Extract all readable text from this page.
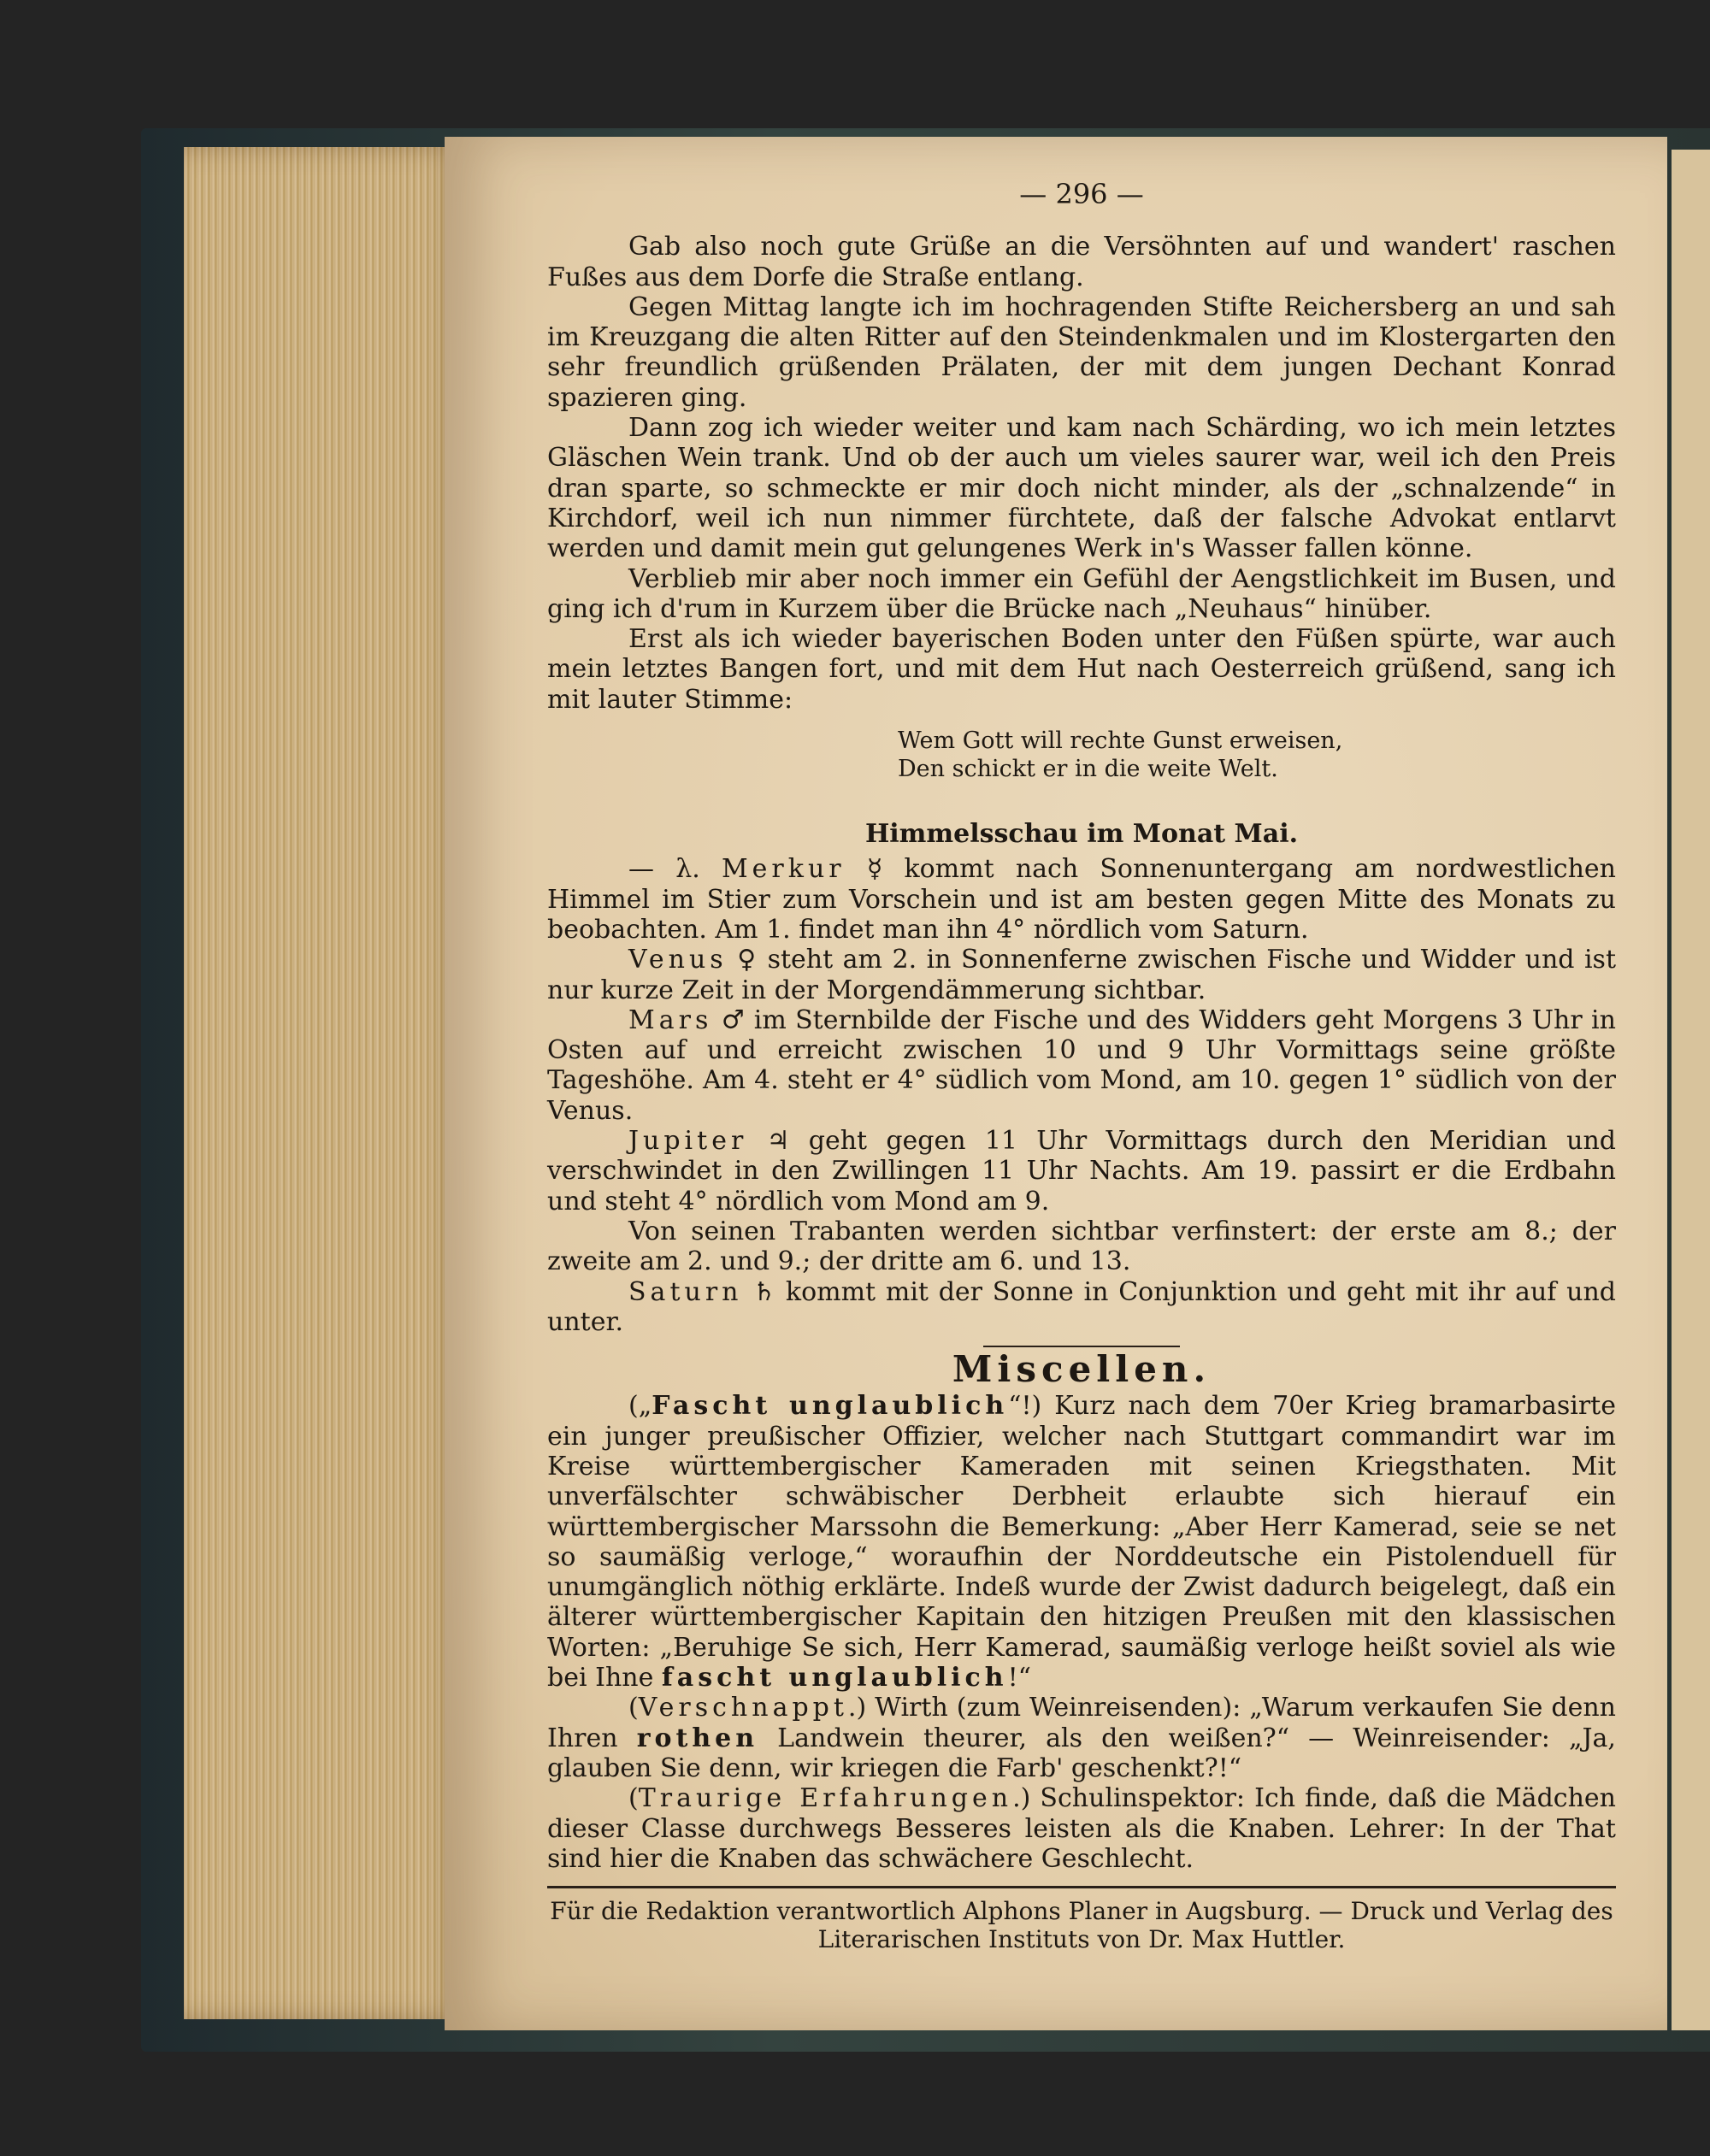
— 296 —

Gab also noch gute Grüße an die Versöhnten auf und wandert' raschen Fußes aus dem Dorfe die Straße entlang.

Gegen Mittag langte ich im hochragenden Stifte Reichersberg an und sah im Kreuzgang die alten Ritter auf den Steindenkmalen und im Klostergarten den sehr freundlich grüßenden Prälaten, der mit dem jungen Dechant Konrad spazieren ging.

Dann zog ich wieder weiter und kam nach Schärding, wo ich mein letztes Gläschen Wein trank. Und ob der auch um vieles saurer war, weil ich den Preis dran sparte, so schmeckte er mir doch nicht minder, als der „schnalzende“ in Kirchdorf, weil ich nun nimmer fürchtete, daß der falsche Advokat entlarvt werden und damit mein gut gelungenes Werk in's Wasser fallen könne.

Verblieb mir aber noch immer ein Gefühl der Aengstlichkeit im Busen, und ging ich d'rum in Kurzem über die Brücke nach „Neuhaus“ hinüber.

Erst als ich wieder bayerischen Boden unter den Füßen spürte, war auch mein letztes Bangen fort, und mit dem Hut nach Oesterreich grüßend, sang ich mit lauter Stimme:

Wem Gott will rechte Gunst erweisen,
Den schickt er in die weite Welt.
Himmelsschau im Monat Mai.

— λ. Merkur ☿ kommt nach Sonnenuntergang am nordwestlichen Himmel im Stier zum Vorschein und ist am besten gegen Mitte des Monats zu beobachten. Am 1. findet man ihn 4° nördlich vom Saturn.

Venus ♀ steht am 2. in Sonnenferne zwischen Fische und Widder und ist nur kurze Zeit in der Morgendämmerung sichtbar.

Mars ♂ im Sternbilde der Fische und des Widders geht Morgens 3 Uhr in Osten auf und erreicht zwischen 10 und 9 Uhr Vormittags seine größte Tageshöhe. Am 4. steht er 4° südlich vom Mond, am 10. gegen 1° südlich von der Venus.

Jupiter ♃ geht gegen 11 Uhr Vormittags durch den Meridian und verschwindet in den Zwillingen 11 Uhr Nachts. Am 19. passirt er die Erdbahn und steht 4° nördlich vom Mond am 9.

Von seinen Trabanten werden sichtbar verfinstert: der erste am 8.; der zweite am 2. und 9.; der dritte am 6. und 13.

Saturn ♄ kommt mit der Sonne in Conjunktion und geht mit ihr auf und unter.

Miscellen.

(„Fascht unglaublich“!) Kurz nach dem 70er Krieg bramarbasirte ein junger preußischer Offizier, welcher nach Stuttgart commandirt war im Kreise württembergischer Kameraden mit seinen Kriegsthaten. Mit unverfälschter schwäbischer Derbheit erlaubte sich hierauf ein württembergischer Marssohn die Bemerkung: „Aber Herr Kamerad, seie se net so saumäßig verloge,“ woraufhin der Norddeutsche ein Pistolenduell für unumgänglich nöthig erklärte. Indeß wurde der Zwist dadurch beigelegt, daß ein älterer württembergischer Kapitain den hitzigen Preußen mit den klassischen Worten: „Beruhige Se sich, Herr Kamerad, saumäßig verloge heißt soviel als wie bei Ihne fascht unglaublich!“

(Verschnappt.) Wirth (zum Weinreisenden): „Warum verkaufen Sie denn Ihren rothen Landwein theurer, als den weißen?“ — Weinreisender: „Ja, glauben Sie denn, wir kriegen die Farb' geschenkt?!“

(Traurige Erfahrungen.) Schulinspektor: Ich finde, daß die Mädchen dieser Classe durchwegs Besseres leisten als die Knaben. Lehrer: In der That sind hier die Knaben das schwächere Geschlecht.

Für die Redaktion verantwortlich Alphons Planer in Augsburg. — Druck und Verlag des Literarischen Instituts von Dr. Max Huttler.
